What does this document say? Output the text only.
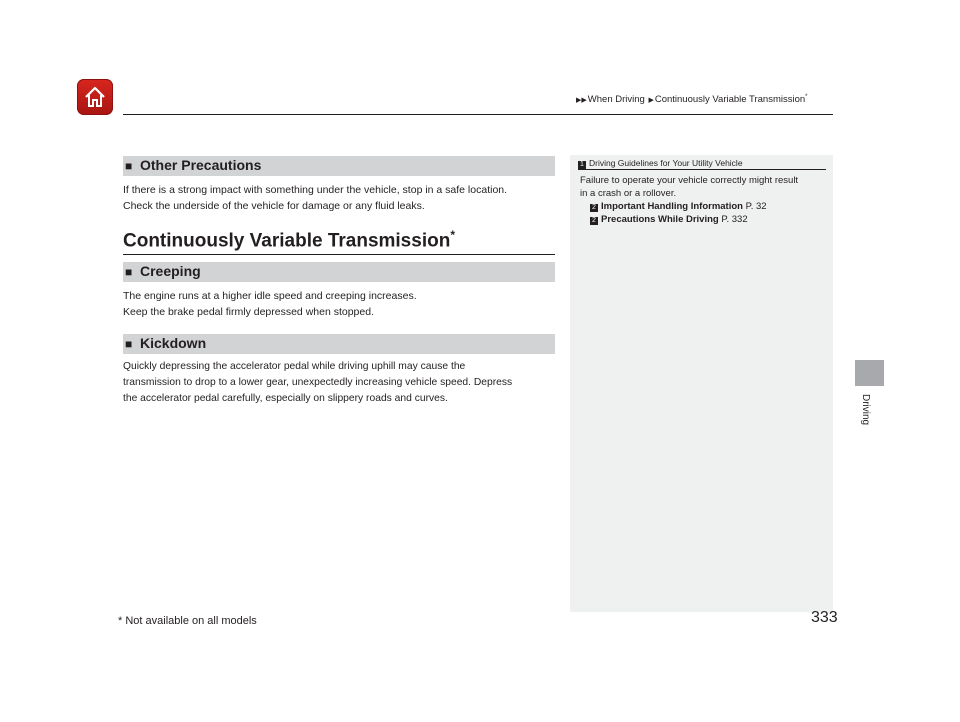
▶▶When Driving ▶Continuously Variable Transmission*
■ Other Precautions
If there is a strong impact with something under the vehicle, stop in a safe location.
Check the underside of the vehicle for damage or any fluid leaks.
Continuously Variable Transmission*
■ Creeping
The engine runs at a higher idle speed and creeping increases.
Keep the brake pedal firmly depressed when stopped.
■ Kickdown
Quickly depressing the accelerator pedal while driving uphill may cause the
transmission to drop to a lower gear, unexpectedly increasing vehicle speed. Depress
the accelerator pedal carefully, especially on slippery roads and curves.
1 Driving Guidelines for Your Utility Vehicle
Failure to operate your vehicle correctly might result
in a crash or a rollover.
2 Important Handling Information P. 32
2 Precautions While Driving P. 332
Driving
* Not available on all models	333
